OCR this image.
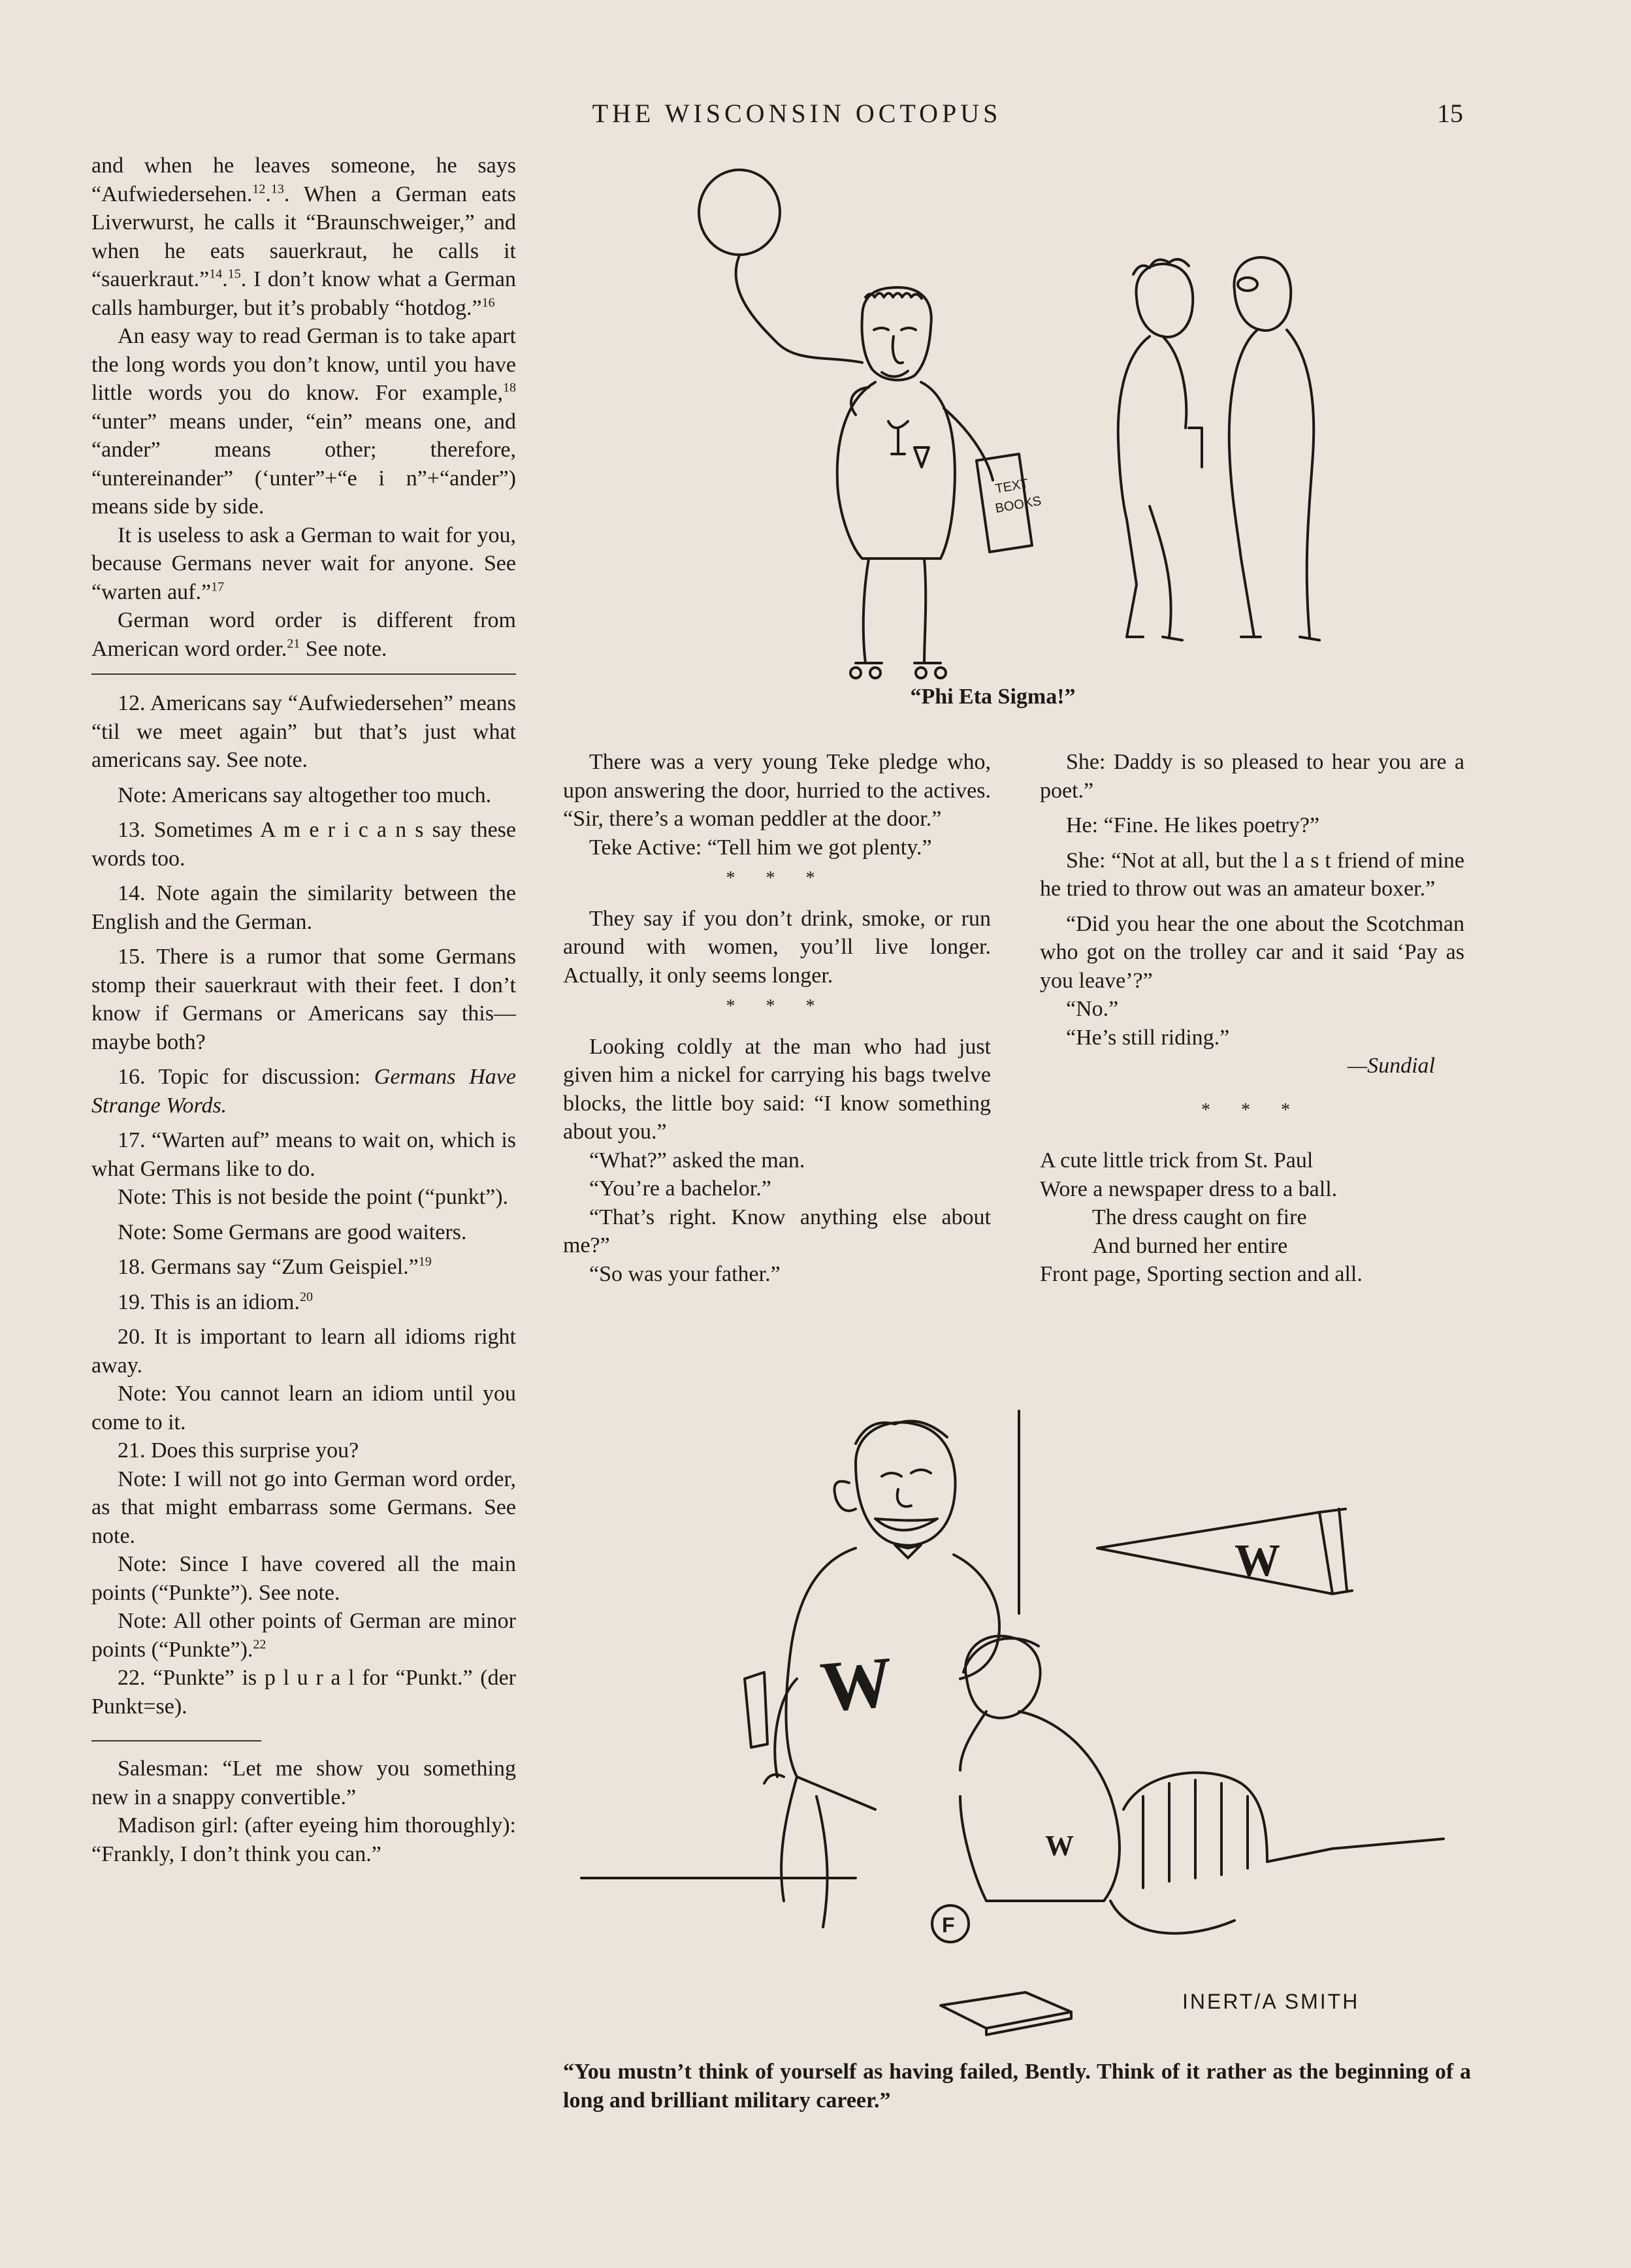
THE WISCONSIN OCTOPUS	15

and when he leaves someone, he says “Aufwiedersehen.$^{12}$.$^{13}$. When a German eats Liverwurst, he calls it “Braunschweiger,” and when he eats sauerkraut, he calls it “sauerkraut.”$^{14}$.$^{15}$. I don’t know what a German calls hamburger, but it’s probably “hotdog.”$^{16}$

An easy way to read German is to take apart the long words you don’t know, until you have little words you do know. For example,$^{18}$ “unter” means under, “ein” means one, and “ander” means other; therefore, “untereinander” (‘unter”+“e i n”+“ander”) means side by side.

It is useless to ask a German to wait for you, because Germans never wait for anyone. See “warten auf.”$^{17}$

German word order is different from American word order.$^{21}$ See note.

12. Americans say “Aufwiedersehen” means “til we meet again” but that’s just what americans say. See note.

Note: Americans say altogether too much.

13. Sometimes A m e r i c a n s say these words too.

14. Note again the similarity between the English and the German.

15. There is a rumor that some Germans stomp their sauerkraut with their feet. I don’t know if Germans or Americans say this—maybe both?

16. Topic for discussion: Germans Have Strange Words.

17. “Warten auf” means to wait on, which is what Germans like to do.

Note: This is not beside the point (“punkt”).

Note: Some Germans are good waiters.

18. Germans say “Zum Geispiel.”$^{19}$

19. This is an idiom.$^{20}$

20. It is important to learn all idioms right away.

Note: You cannot learn an idiom until you come to it.

21. Does this surprise you?

Note: I will not go into German word order, as that might embarrass some Germans. See note.

Note: Since I have covered all the main points (“Punkte”). See note.

Note: All other points of German are minor points (“Punkte”).$^{22}$

22. “Punkte” is p l u r a l for “Punkt.” (der Punkt=se).

Salesman: “Let me show you something new in a snappy convertible.”

Madison girl: (after eyeing him thoroughly): “Frankly, I don’t think you can.”

There was a very young Teke pledge who, upon answering the door, hurried to the actives. “Sir, there’s a woman peddler at the door.”

Teke Active: “Tell him we got plenty.”

* * *

They say if you don’t drink, smoke, or run around with women, you’ll live longer. Actually, it only seems longer.

* * *

Looking coldly at the man who had just given him a nickel for carrying his bags twelve blocks, the little boy said: “I know something about you.”

“What?” asked the man.

“You’re a bachelor.”

“That’s right. Know anything else about me?”

“So was your father.”

She: Daddy is so pleased to hear you are a poet.”

He: “Fine. He likes poetry?”

She: “Not at all, but the l a s t friend of mine he tried to throw out was an amateur boxer.”

“Did you hear the one about the Scotchman who got on the trolley car and it said ‘Pay as you leave’?”

“No.”

“He’s still riding.”

—Sundial

* * *

A cute little trick from St. Paul

Wore a newspaper dress to a ball.

The dress caught on fire

And burned her entire

Front page, Sporting section and all.

TEXT
BOOKS
“Phi Eta Sigma!”
W
W
W
F
INERT/A SMITH
“You mustn’t think of yourself as having failed, Bently. Think of it rather as the beginning of a long and brilliant military career.”
